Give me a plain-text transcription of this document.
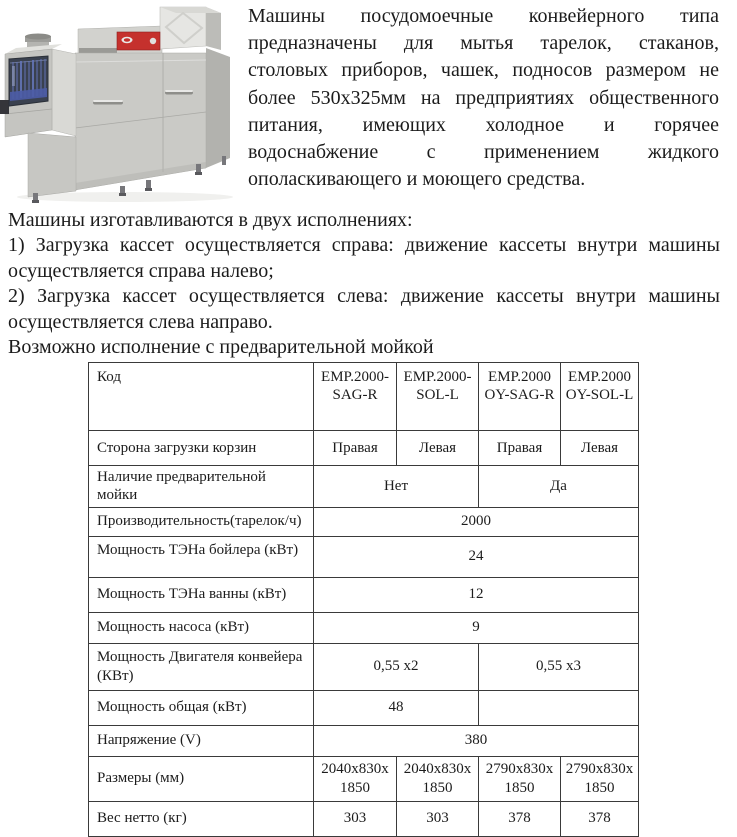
Машины посудомоечные конвейерного типа
предназначены для мытья тарелок, стаканов,
столовых приборов, чашек, подносов размером не
более 530х325мм на предприятиях общественного
питания, имеющих холодное и горячее
водоснабжение с применением жидкого
ополаскивающего и моющего средства.
Машины изготавливаются в двух исполнениях:
1) Загрузка кассет осуществляется справа: движение кассеты внутри машины
осуществляется справа налево;
2) Загрузка кассет осуществляется слева: движение кассеты внутри машины
осуществляется слева направо.
Возможно исполнение с предварительной мойкой
Код	EMP.2000-SAG-R	EMP.2000-SOL-L	EMP.2000 OY-SAG-R	EMP.2000 OY-SOL-L
Сторона загрузки корзин	Правая	Левая	Правая	Левая
Наличие предварительной мойки	Нет		Да	
Производительность(тарелок/ч)	2000			
Мощность ТЭНа бойлера (кВт)	24			
Мощность ТЭНа ванны (кВт)	12			
Мощность насоса (кВт)	9			
Мощность Двигателя конвейера (КВт)	0,55 х2		0,55 х3	
Мощность общая (кВт)	48			
Напряжение (V)	380			
Размеры (мм)	2040х830х 1850	2040х830х 1850	2790х830х 1850	2790х830х 1850
Вес нетто (кг)	303	303	378	378
